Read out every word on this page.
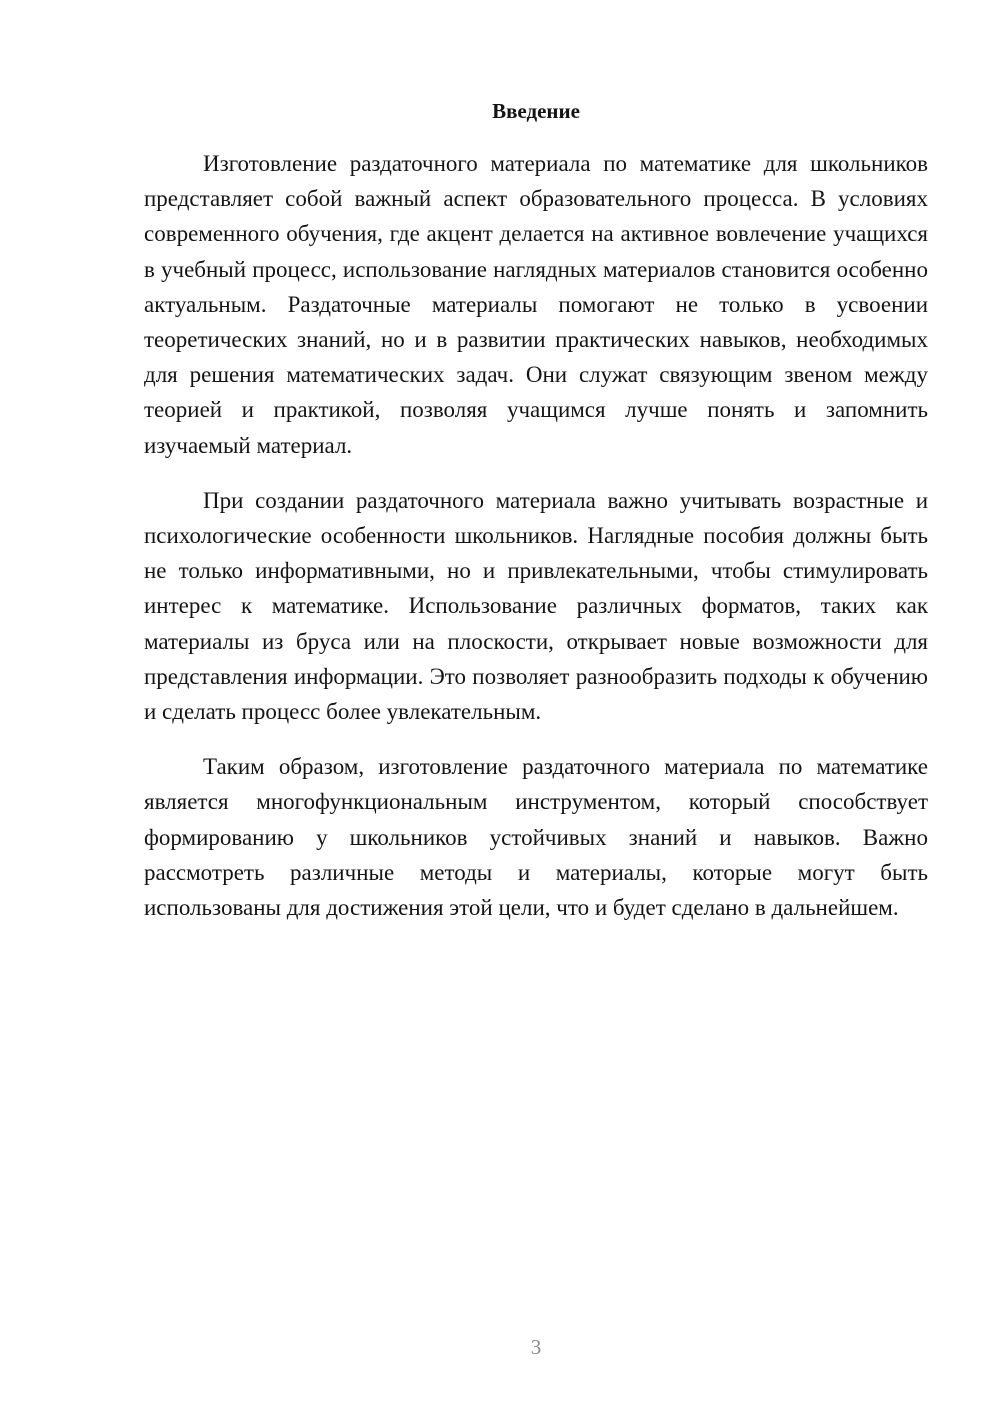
Введение

Изготовление раздаточного материала по математике для школьников представляет собой важный аспект образовательного процесса. В условиях современного обучения, где акцент делается на активное вовлечение учащихся в учебный процесс, использование наглядных материалов становится особенно актуальным. Раздаточные материалы помогают не только в усвоении теоретических знаний, но и в развитии практических навыков, необходимых для решения математических задач. Они служат связующим звеном между теорией и практикой, позволяя учащимся лучше понять и запомнить изучаемый материал.

При создании раздаточного материала важно учитывать возрастные и психологические особенности школьников. Наглядные пособия должны быть не только информативными, но и привлекательными, чтобы стимулировать интерес к математике. Использование различных форматов, таких как материалы из бруса или на плоскости, открывает новые возможности для представления информации. Это позволяет разнообразить подходы к обучению и сделать процесс более увлекательным.

Таким образом, изготовление раздаточного материала по математике является многофункциональным инструментом, который способствует формированию у школьников устойчивых знаний и навыков. Важно рассмотреть различные методы и материалы, которые могут быть использованы для достижения этой цели, что и будет сделано в дальнейшем.

3
